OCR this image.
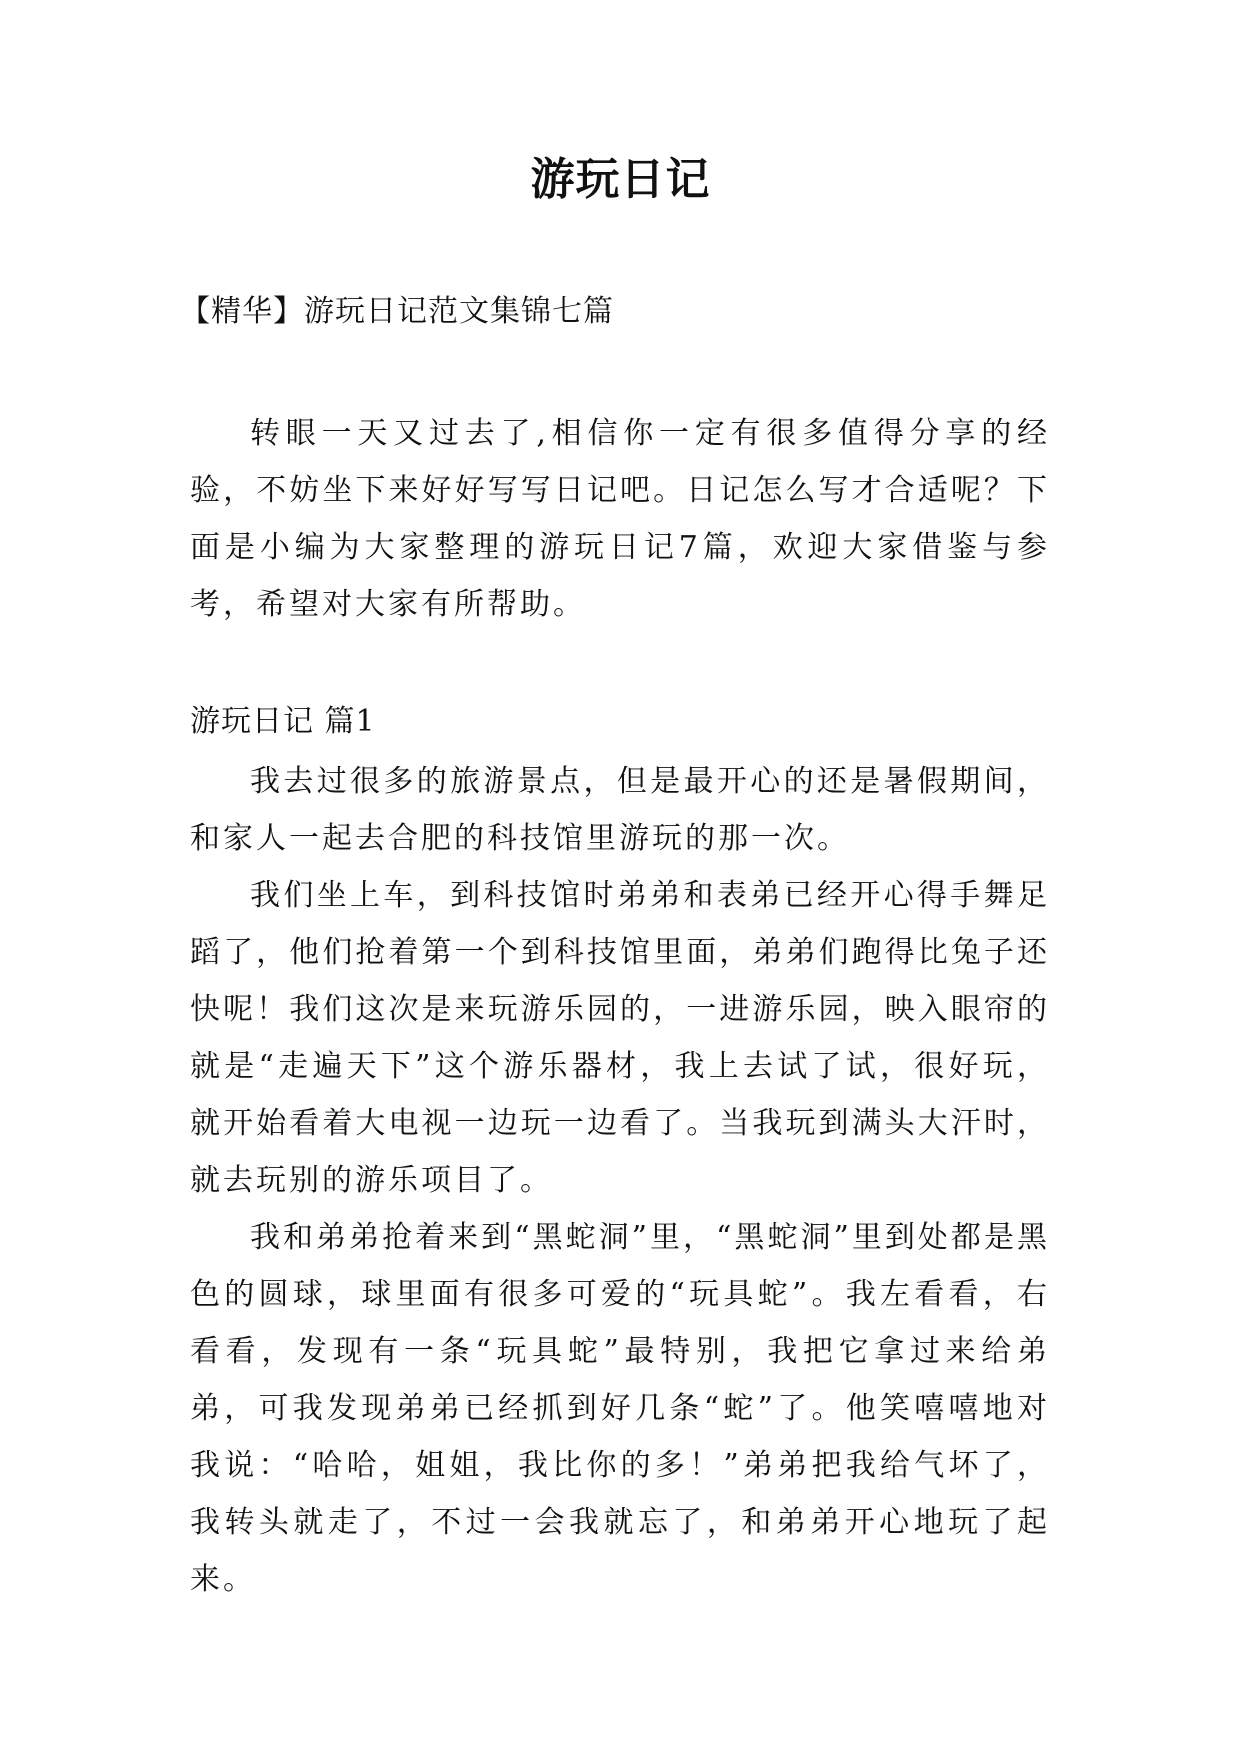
游玩日记
【精华】游玩日记范文集锦七篇

转眼一天又过去了,相信你一定有很多值得分享的经验，不妨坐下来好好写写日记吧。日记怎么写才合适呢？下面是小编为大家整理的游玩日记7篇，欢迎大家借鉴与参考，希望对大家有所帮助。

游玩日记 篇1

我去过很多的旅游景点，但是最开心的还是暑假期间，和家人一起去合肥的科技馆里游玩的那一次。

我们坐上车，到科技馆时弟弟和表弟已经开心得手舞足蹈了，他们抢着第一个到科技馆里面，弟弟们跑得比兔子还快呢！我们这次是来玩游乐园的，一进游乐园，映入眼帘的就是“走遍天下”这个游乐器材，我上去试了试，很好玩，就开始看着大电视一边玩一边看了。当我玩到满头大汗时，就去玩别的游乐项目了。

我和弟弟抢着来到“黑蛇洞”里，“黑蛇洞”里到处都是黑色的圆球，球里面有很多可爱的“玩具蛇”。我左看看，右看看，发现有一条“玩具蛇”最特别，我把它拿过来给弟弟，可我发现弟弟已经抓到好几条“蛇”了。他笑嘻嘻地对我说：“哈哈，姐姐，我比你的多！”弟弟把我给气坏了，我转头就走了，不过一会我就忘了，和弟弟开心地玩了起来。
